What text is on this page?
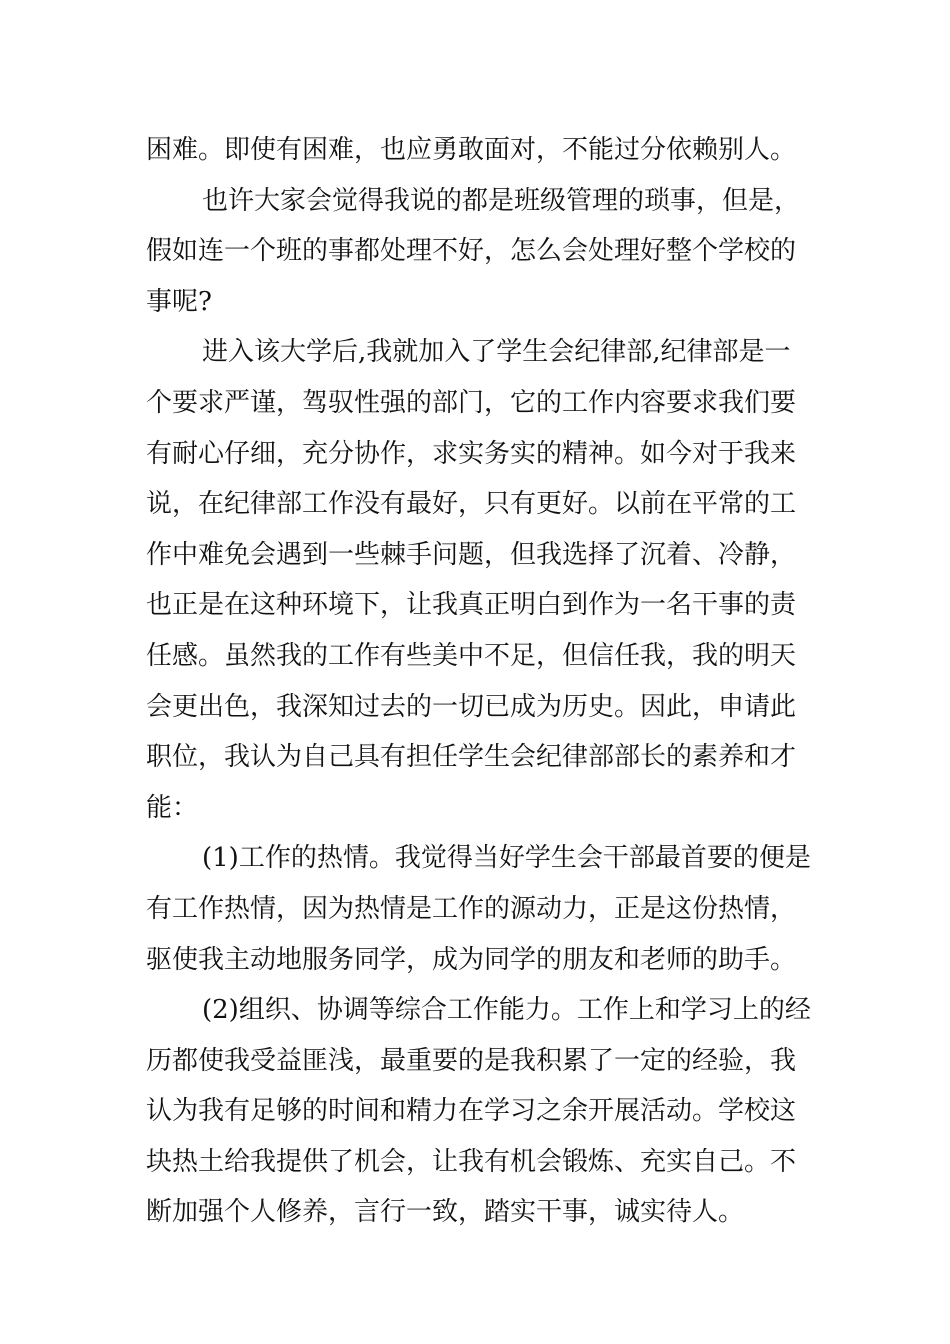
困难。即使有困难，也应勇敢面对，不能过分依赖别人。
也许大家会觉得我说的都是班级管理的琐事，但是，
假如连一个班的事都处理不好，怎么会处理好整个学校的
事呢?
进入该大学后,我就加入了学生会纪律部,纪律部是一
个要求严谨，驾驭性强的部门，它的工作内容要求我们要
有耐心仔细，充分协作，求实务实的精神。如今对于我来
说，在纪律部工作没有最好，只有更好。以前在平常的工
作中难免会遇到一些棘手问题，但我选择了沉着、冷静，
也正是在这种环境下，让我真正明白到作为一名干事的责
任感。虽然我的工作有些美中不足，但信任我，我的明天
会更出色，我深知过去的一切已成为历史。因此，申请此
职位，我认为自己具有担任学生会纪律部部长的素养和才
能：
(1)工作的热情。我觉得当好学生会干部最首要的便是
有工作热情，因为热情是工作的源动力，正是这份热情，
驱使我主动地服务同学，成为同学的朋友和老师的助手。
(2)组织、协调等综合工作能力。工作上和学习上的经
历都使我受益匪浅，最重要的是我积累了一定的经验，我
认为我有足够的时间和精力在学习之余开展活动。学校这
块热土给我提供了机会，让我有机会锻炼、充实自己。不
断加强个人修养，言行一致，踏实干事，诚实待人。
